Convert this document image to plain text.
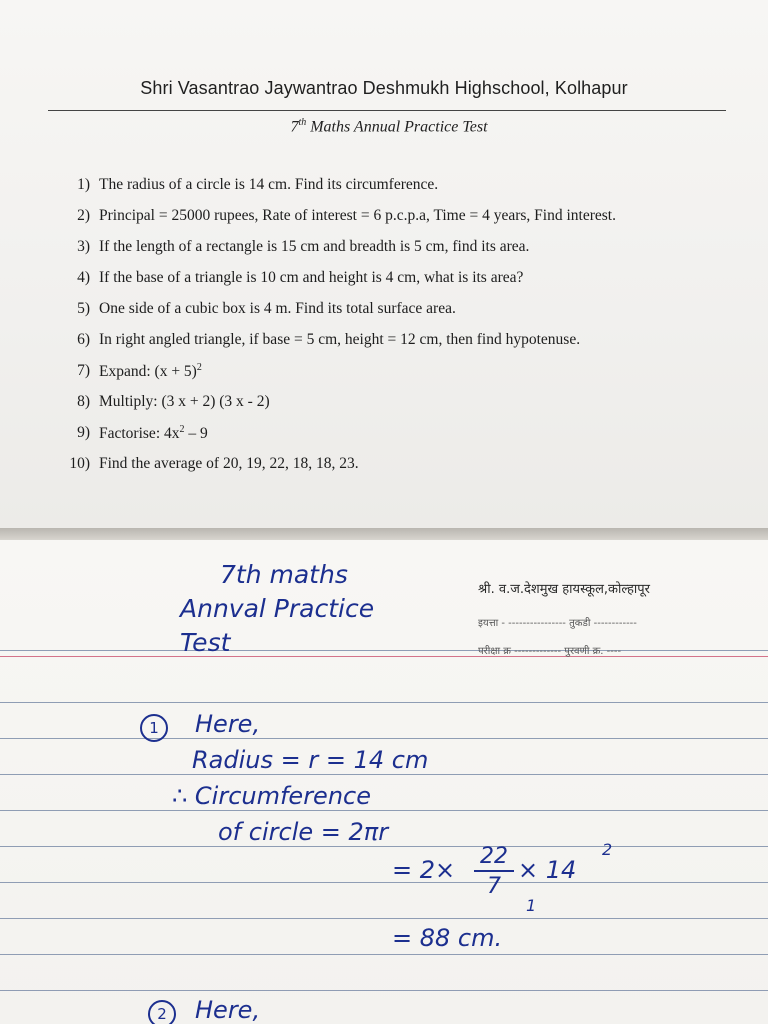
Shri Vasantrao Jaywantrao Deshmukh Highschool, Kolhapur
7th Maths Annual Practice Test
1) The radius of a circle is 14 cm. Find its circumference.
2) Principal = 25000 rupees, Rate of interest = 6 p.c.p.a, Time = 4 years, Find interest.
3) If the length of a rectangle is 15 cm and breadth is 5 cm, find its area.
4) If the base of a triangle is 10 cm and height is 4 cm, what is its area?
5) One side of a cubic box is 4 m. Find its total surface area.
6) In right angled triangle, if base = 5 cm, height = 12 cm, then find hypotenuse.
7) Expand: $(x + 5)^2$
8) Multiply: (3 x + 2) (3 x - 2)
9) Factorise: $4x^2 - 9$
10) Find the average of 20, 19, 22, 18, 18, 23.
7th maths
Annval Practice
Test
श्री. व.ज.देशमुख हायस्कूल,कोल्हापूर
इयत्ता - ---------------- तुकडी ------------
परीक्षा क्र ------------- पुरवणी क्र. ----
1	Here,
Radius = r = 14 cm
∴ Circumference
of circle = 2πr
= $2\times \frac{22}{7} \times 14$
2
1
= 88 cm.
2	Here,
